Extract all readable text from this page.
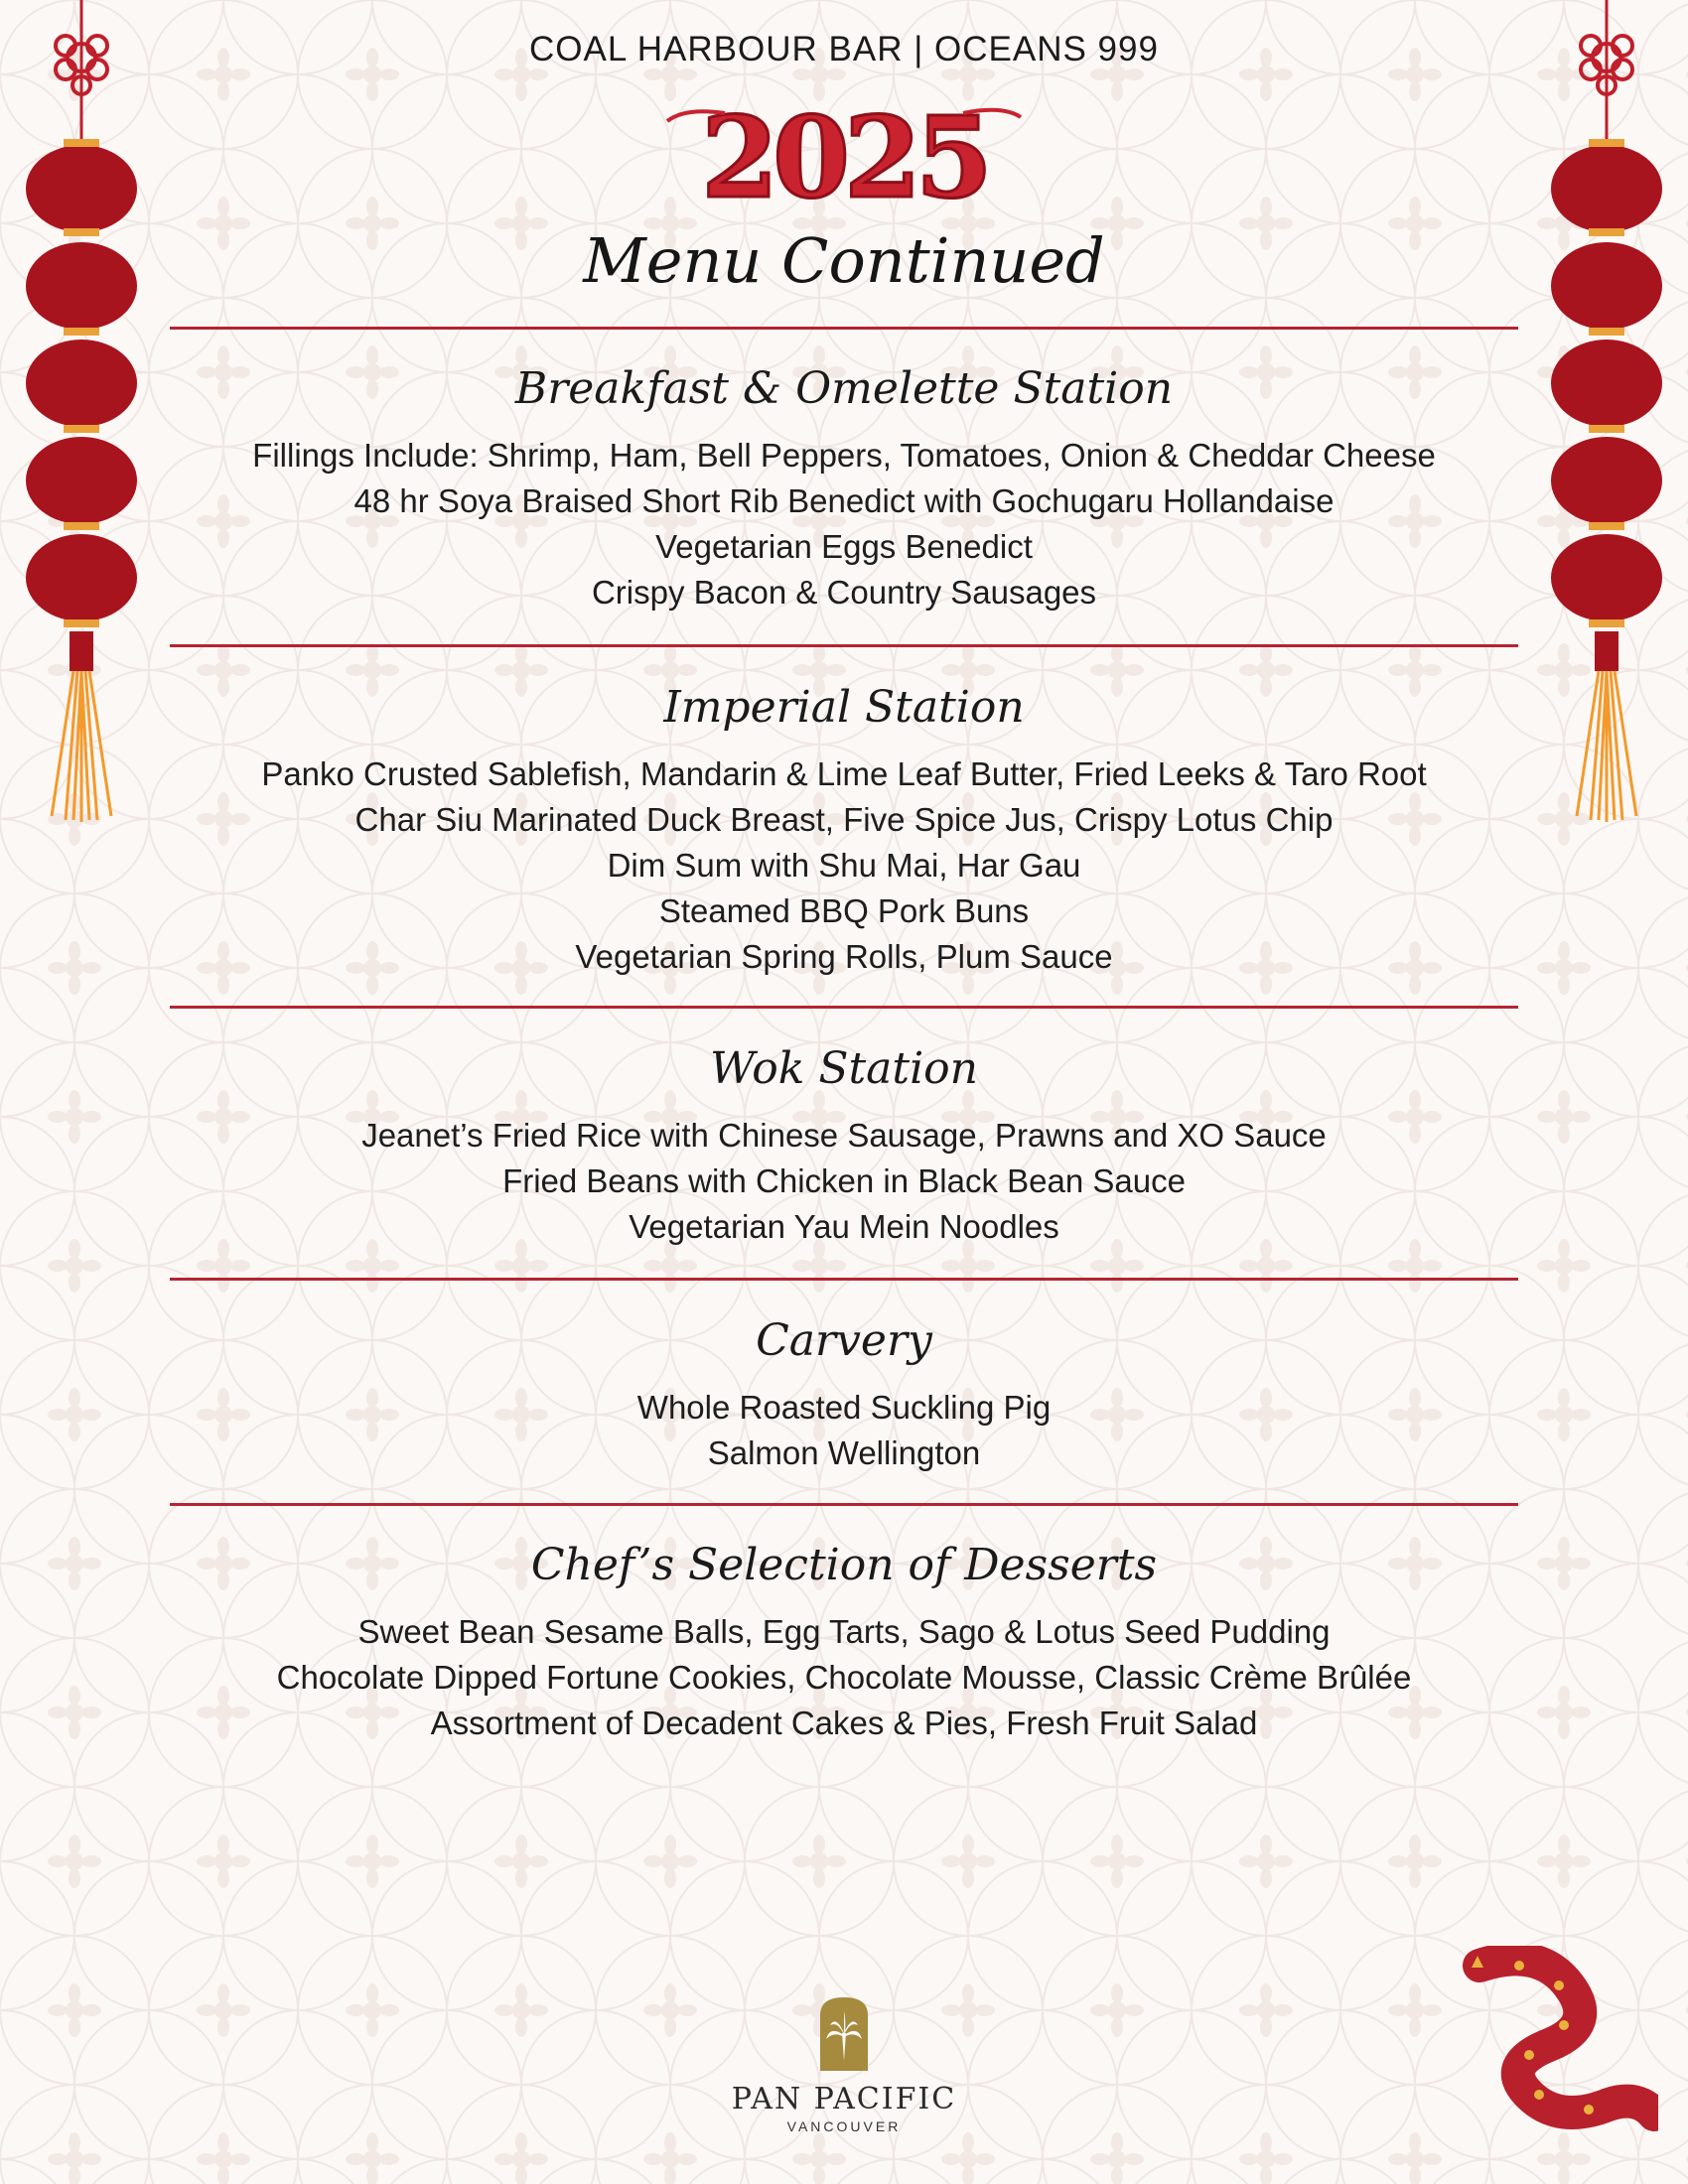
COAL HARBOUR BAR | OCEANS 999
2025
Menu Continued
Breakfast & Omelette Station
Fillings Include: Shrimp, Ham, Bell Peppers, Tomatoes, Onion & Cheddar Cheese
48 hr Soya Braised Short Rib Benedict with Gochugaru Hollandaise
Vegetarian Eggs Benedict
Crispy Bacon & Country Sausages
Imperial Station
Panko Crusted Sablefish, Mandarin & Lime Leaf Butter, Fried Leeks & Taro Root
Char Siu Marinated Duck Breast, Five Spice Jus, Crispy Lotus Chip
Dim Sum with Shu Mai, Har Gau
Steamed BBQ Pork Buns
Vegetarian Spring Rolls, Plum Sauce
Wok Station
Jeanet’s Fried Rice with Chinese Sausage, Prawns and XO Sauce
Fried Beans with Chicken in Black Bean Sauce
Vegetarian Yau Mein Noodles
Carvery
Whole Roasted Suckling Pig
Salmon Wellington
Chef’s Selection of Desserts
Sweet Bean Sesame Balls, Egg Tarts, Sago & Lotus Seed Pudding
Chocolate Dipped Fortune Cookies, Chocolate Mousse, Classic Crème Brûlée
Assortment of Decadent Cakes & Pies, Fresh Fruit Salad
PAN PACIFIC
VANCOUVER
